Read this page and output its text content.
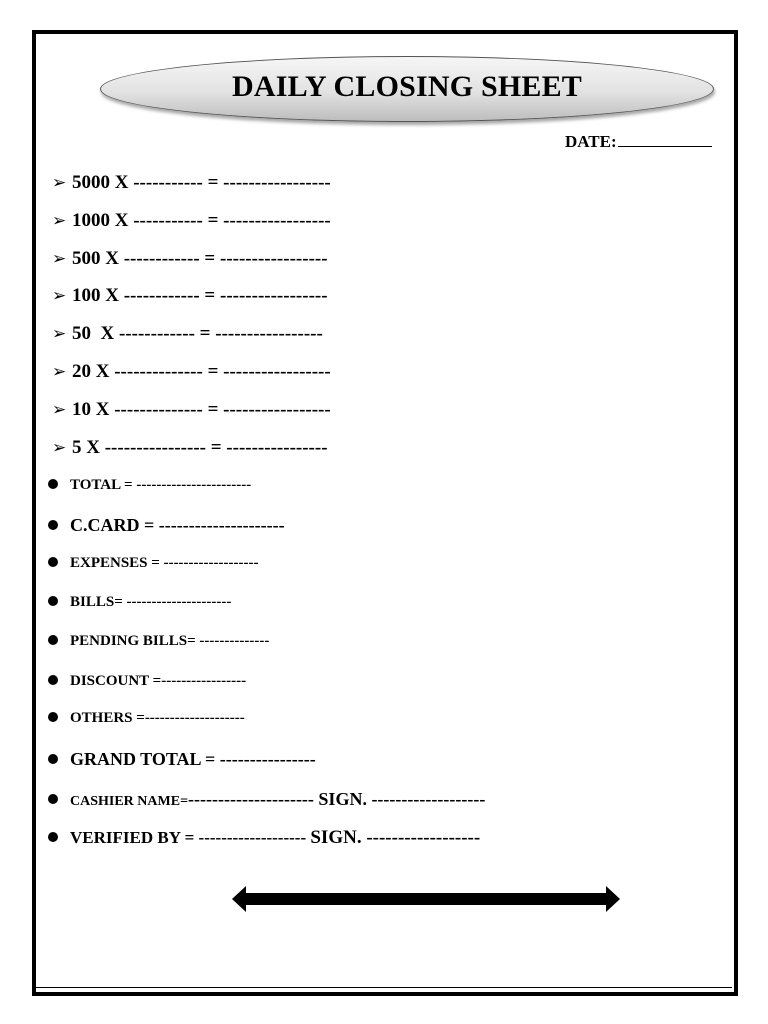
DAILY CLOSING SHEET
DATE:
➢ 5000 X ----------- = -----------------
➢ 1000 X ----------- = -----------------
➢ 500 X ------------ = -----------------
➢ 100 X ------------ = -----------------
➢ 50  X ------------ = -----------------
➢ 20 X -------------- = -----------------
➢ 10 X -------------- = -----------------
➢ 5 X ---------------- = ----------------
TOTAL = -----------------------
C.CARD = ---------------------
EXPENSES = -------------------
BILLS= ---------------------
PENDING BILLS= --------------
DISCOUNT =-----------------
OTHERS =--------------------
GRAND TOTAL = ----------------
CASHIER NAME=--------------------- SIGN. -------------------
VERIFIED BY = ------------------- SIGN. ------------------
